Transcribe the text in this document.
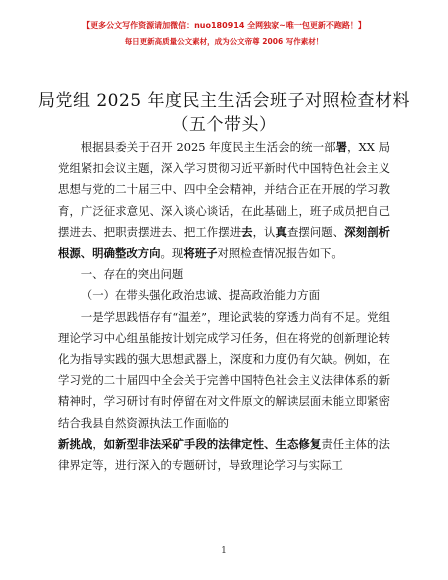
【更多公文写作资源请加微信：nuo180914 全网独家~唯一包更新不跑路！】
每日更新高质量公文素材，成为公文帝尊 2006 写作素材！
局党组 2025 年度民主生活会班子对照检查材料
（五个带头）

根据县委关于召开 2025 年度民主生活会的统一部署，XX 局党组紧扣会议主题，深入学习贯彻习近平新时代中国特色社会主义思想与党的二十届三中、四中全会精神，并结合正在开展的学习教育，广泛征求意见、深入谈心谈话，在此基础上，班子成员把自己摆进去、把职责摆进去、把工作摆进去，认真查摆问题、深刻剖析根源、明确整改方向。现将班子对照检查情况报告如下。

一、存在的突出问题

（一）在带头强化政治忠诚、提高政治能力方面

一是学思践悟存有“温差”，理论武装的穿透力尚有不足。党组理论学习中心组虽能按计划完成学习任务，但在将党的创新理论转化为指导实践的强大思想武器上，深度和力度仍有欠缺。例如，在学习党的二十届四中全会关于完善中国特色社会主义法律体系的新精神时，学习研讨有时停留在对文件原文的解读层面未能立即紧密结合我县自然资源执法工作面临的

新挑战，如新型非法采矿手段的法律定性、生态修复责任主体的法律界定等，进行深入的专题研讨，导致理论学习与实际工

1
